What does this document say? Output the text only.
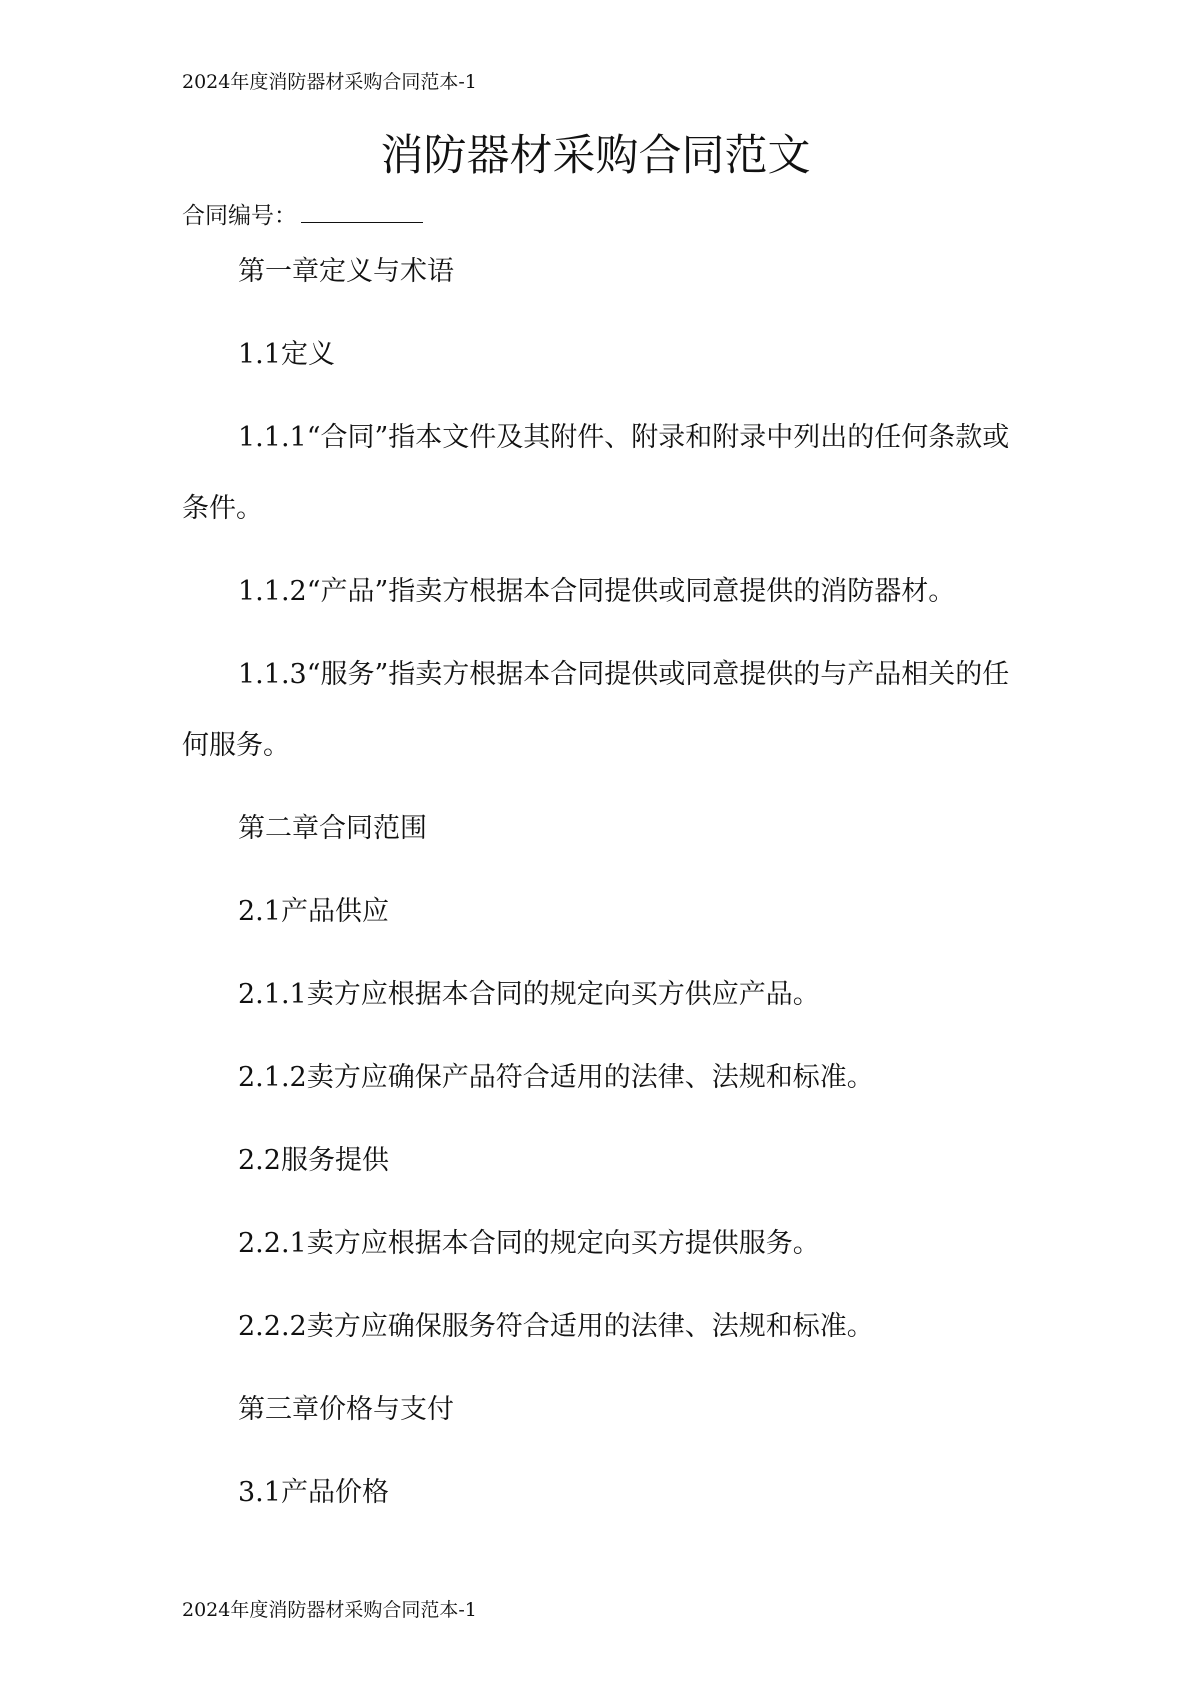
2024年度消防器材采购合同范本-1
消防器材采购合同范文
合同编号：

第一章定义与术语

1.1定义

1.1.1“合同”指本文件及其附件、附录和附录中列出的任何条款或条件。

1.1.2“产品”指卖方根据本合同提供或同意提供的消防器材。

1.1.3“服务”指卖方根据本合同提供或同意提供的与产品相关的任何服务。

第二章合同范围

2.1产品供应

2.1.1卖方应根据本合同的规定向买方供应产品。

2.1.2卖方应确保产品符合适用的法律、法规和标准。

2.2服务提供

2.2.1卖方应根据本合同的规定向买方提供服务。

2.2.2卖方应确保服务符合适用的法律、法规和标准。

第三章价格与支付

3.1产品价格

2024年度消防器材采购合同范本-1
